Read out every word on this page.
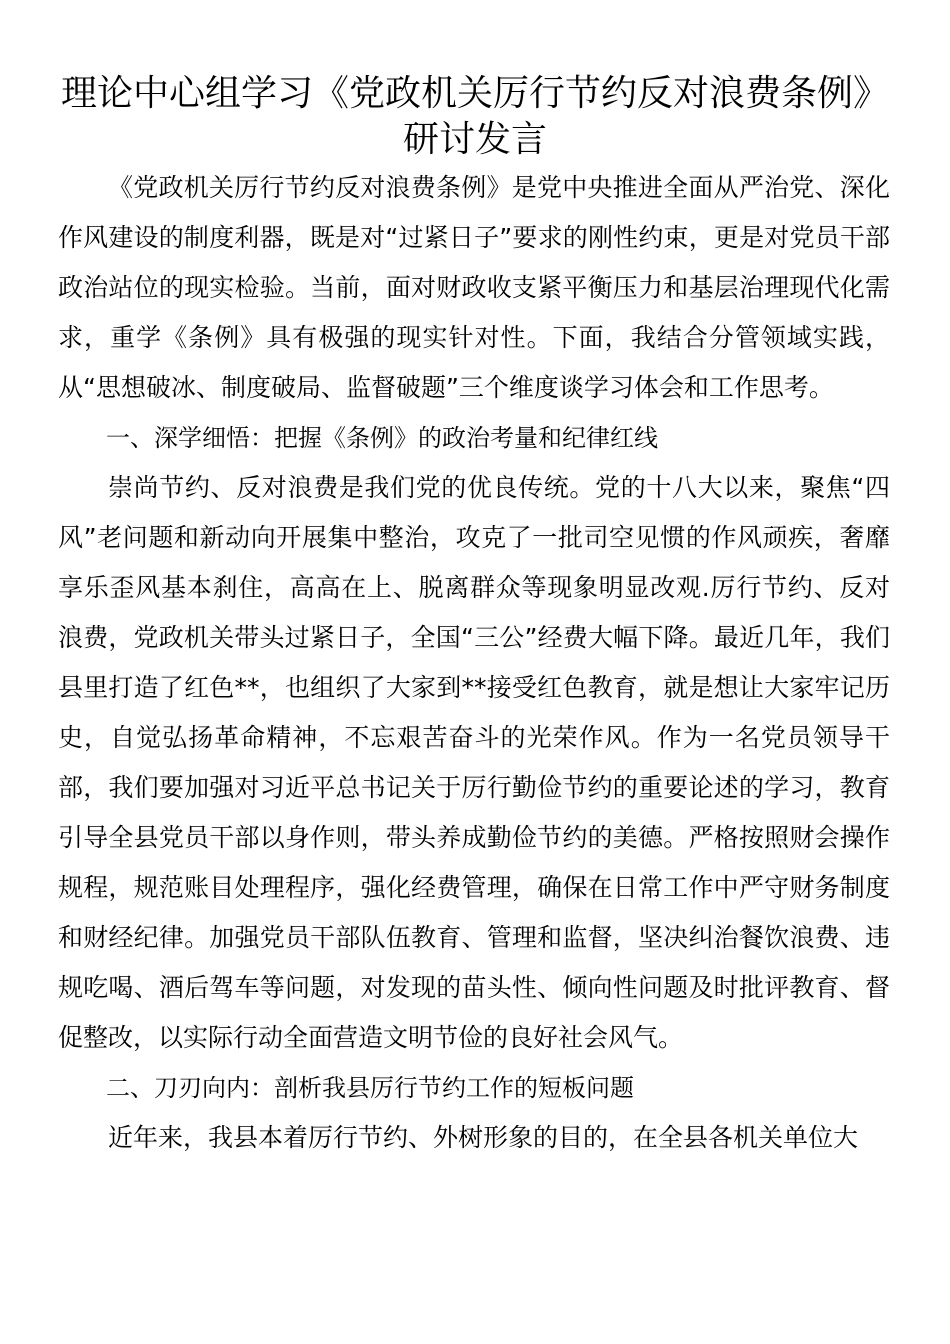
理论中心组学习《党政机关厉行节约反对浪费条例》
研讨发言

《党政机关厉行节约反对浪费条例》是党中央推进全面从严治党、深化作风建设的制度利器，既是对“过紧日子”要求的刚性约束，更是对党员干部政治站位的现实检验。当前，面对财政收支紧平衡压力和基层治理现代化需求，重学《条例》具有极强的现实针对性。下面，我结合分管领域实践，从“思想破冰、制度破局、监督破题”三个维度谈学习体会和工作思考。

一、深学细悟：把握《条例》的政治考量和纪律红线

崇尚节约、反对浪费是我们党的优良传统。党的十八大以来，聚焦“四风”老问题和新动向开展集中整治，攻克了一批司空见惯的作风顽疾，奢靡享乐歪风基本刹住，高高在上、脱离群众等现象明显改观.厉行节约、反对浪费，党政机关带头过紧日子，全国“三公”经费大幅下降。最近几年，我们县里打造了红色**，也组织了大家到**接受红色教育，就是想让大家牢记历史，自觉弘扬革命精神，不忘艰苦奋斗的光荣作风。作为一名党员领导干部，我们要加强对习近平总书记关于厉行勤俭节约的重要论述的学习，教育引导全县党员干部以身作则，带头养成勤俭节约的美德。严格按照财会操作规程，规范账目处理程序，强化经费管理，确保在日常工作中严守财务制度和财经纪律。加强党员干部队伍教育、管理和监督，坚决纠治餐饮浪费、违规吃喝、酒后驾车等问题，对发现的苗头性、倾向性问题及时批评教育、督促整改，以实际行动全面营造文明节俭的良好社会风气。

二、刀刃向内：剖析我县厉行节约工作的短板问题

近年来，我县本着厉行节约、外树形象的目的，在全县各机关单位大
